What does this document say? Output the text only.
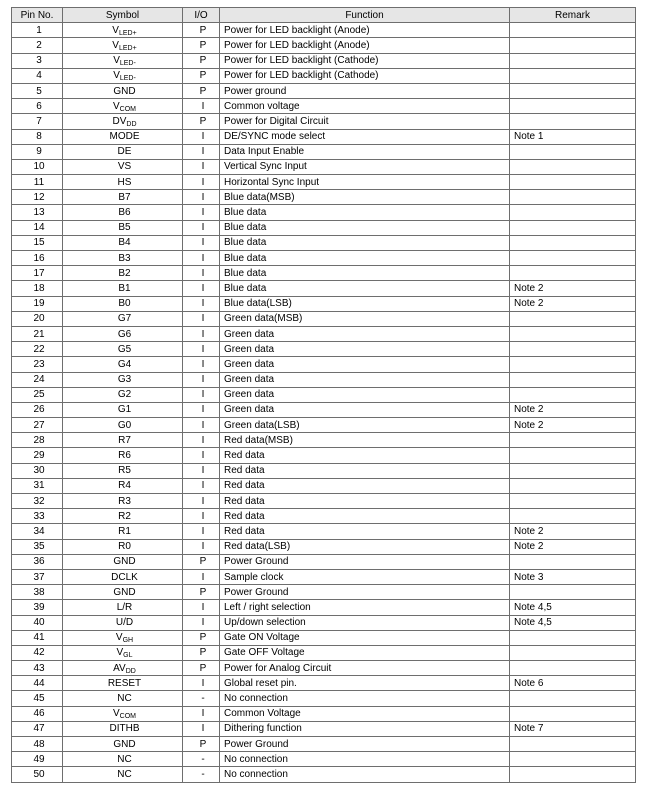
Pin No.	Symbol	I/O	Function	Remark
1	$V_{LED+}$	P	Power for LED backlight (Anode)	
2	$V_{LED+}$	P	Power for LED backlight (Anode)	
3	$V_{LED-}$	P	Power for LED backlight (Cathode)	
4	$V_{LED-}$	P	Power for LED backlight (Cathode)	
5	GND	P	Power ground	
6	$V_{COM}$	I	Common voltage	
7	$DV_{DD}$	P	Power for Digital Circuit	
8	MODE	I	DE/SYNC mode select	Note 1
9	DE	I	Data Input Enable	
10	VS	I	Vertical Sync Input	
11	HS	I	Horizontal Sync Input	
12	B7	I	Blue data(MSB)	
13	B6	I	Blue data	
14	B5	I	Blue data	
15	B4	I	Blue data	
16	B3	I	Blue data	
17	B2	I	Blue data	
18	B1	I	Blue data	Note 2
19	B0	I	Blue data(LSB)	Note 2
20	G7	I	Green data(MSB)	
21	G6	I	Green data	
22	G5	I	Green data	
23	G4	I	Green data	
24	G3	I	Green data	
25	G2	I	Green data	
26	G1	I	Green data	Note 2
27	G0	I	Green data(LSB)	Note 2
28	R7	I	Red data(MSB)	
29	R6	I	Red data	
30	R5	I	Red data	
31	R4	I	Red data	
32	R3	I	Red data	
33	R2	I	Red data	
34	R1	I	Red data	Note 2
35	R0	I	Red data(LSB)	Note 2
36	GND	P	Power Ground	
37	DCLK	I	Sample clock	Note 3
38	GND	P	Power Ground	
39	L/R	I	Left / right selection	Note 4,5
40	U/D	I	Up/down selection	Note 4,5
41	$V_{GH}$	P	Gate ON Voltage	
42	$V_{GL}$	P	Gate OFF Voltage	
43	$AV_{DD}$	P	Power for Analog Circuit	
44	RESET	I	Global reset pin.	Note 6
45	NC	-	No connection	
46	$V_{COM}$	I	Common Voltage	
47	DITHB	I	Dithering function	Note 7
48	GND	P	Power Ground	
49	NC	-	No connection	
50	NC	-	No connection	
